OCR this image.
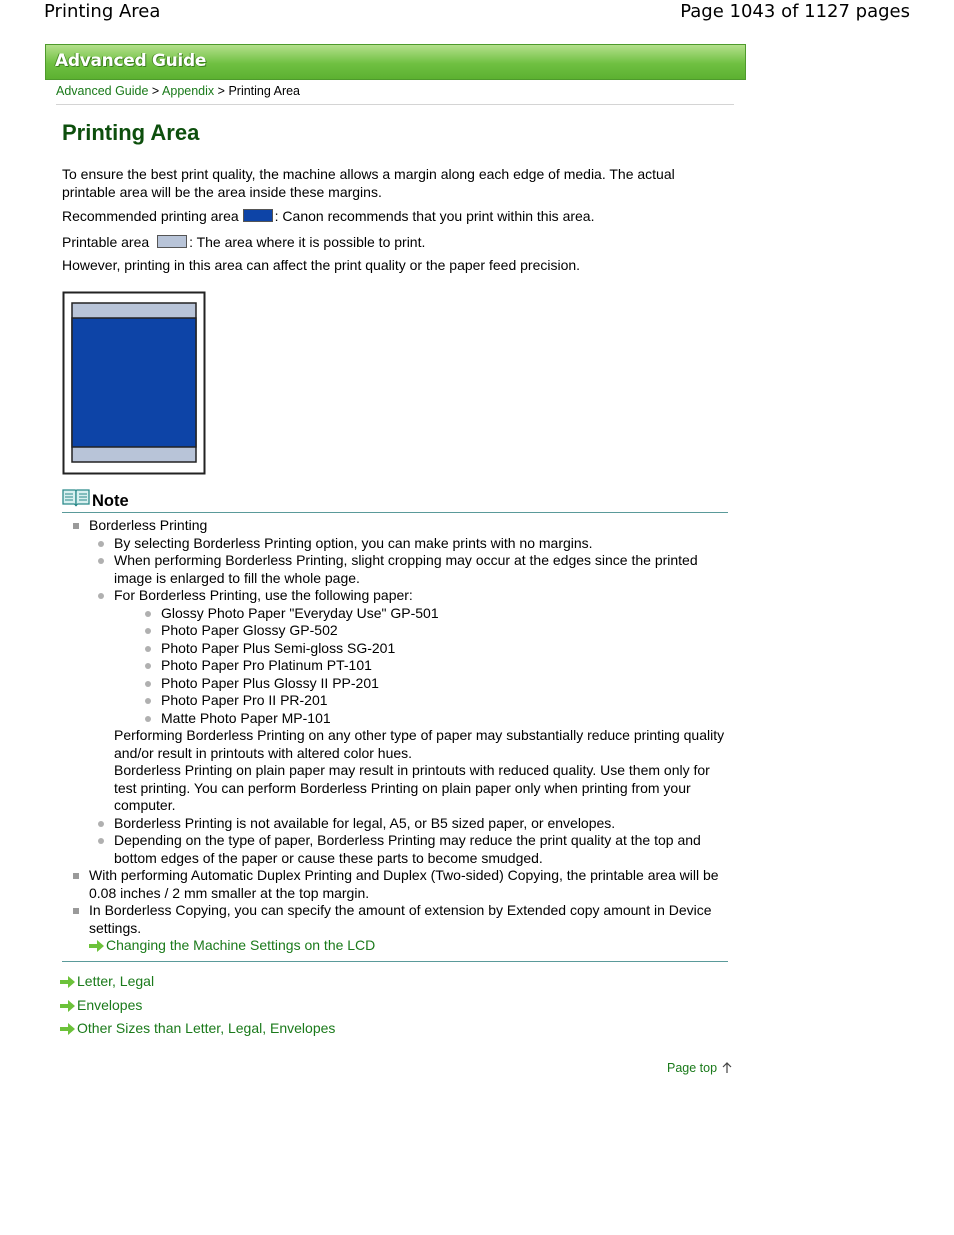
Printing Area	Page 1043 of 1127 pages
Advanced Guide
Advanced Guide > Appendix > Printing Area
Printing Area

To ensure the best print quality, the machine allows a margin along each edge of media. The actual printable area will be the area inside these margins.

Recommended printing area	: Canon recommends that you print within this area.

Printable area	: The area where it is possible to print.

However, printing in this area can affect the print quality or the paper feed precision.

Note
Borderless Printing
By selecting Borderless Printing option, you can make prints with no margins.
When performing Borderless Printing, slight cropping may occur at the edges since the printed image is enlarged to fill the whole page.
For Borderless Printing, use the following paper:
Glossy Photo Paper "Everyday Use" GP-501
Photo Paper Glossy GP-502
Photo Paper Plus Semi-gloss SG-201
Photo Paper Pro Platinum PT-101
Photo Paper Plus Glossy II PP-201
Photo Paper Pro II PR-201
Matte Photo Paper MP-101

Performing Borderless Printing on any other type of paper may substantially reduce printing quality and/or result in printouts with altered color hues.

Borderless Printing on plain paper may result in printouts with reduced quality. Use them only for test printing. You can perform Borderless Printing on plain paper only when printing from your computer.

Borderless Printing is not available for legal, A5, or B5 sized paper, or envelopes.
Depending on the type of paper, Borderless Printing may reduce the print quality at the top and bottom edges of the paper or cause these parts to become smudged.
With performing Automatic Duplex Printing and Duplex (Two-sided) Copying, the printable area will be 0.08 inches / 2 mm smaller at the top margin.
In Borderless Copying, you can specify the amount of extension by Extended copy amount in Device settings.
Changing the Machine Settings on the LCD
Letter, Legal
Envelopes
Other Sizes than Letter, Legal, Envelopes
Page top
